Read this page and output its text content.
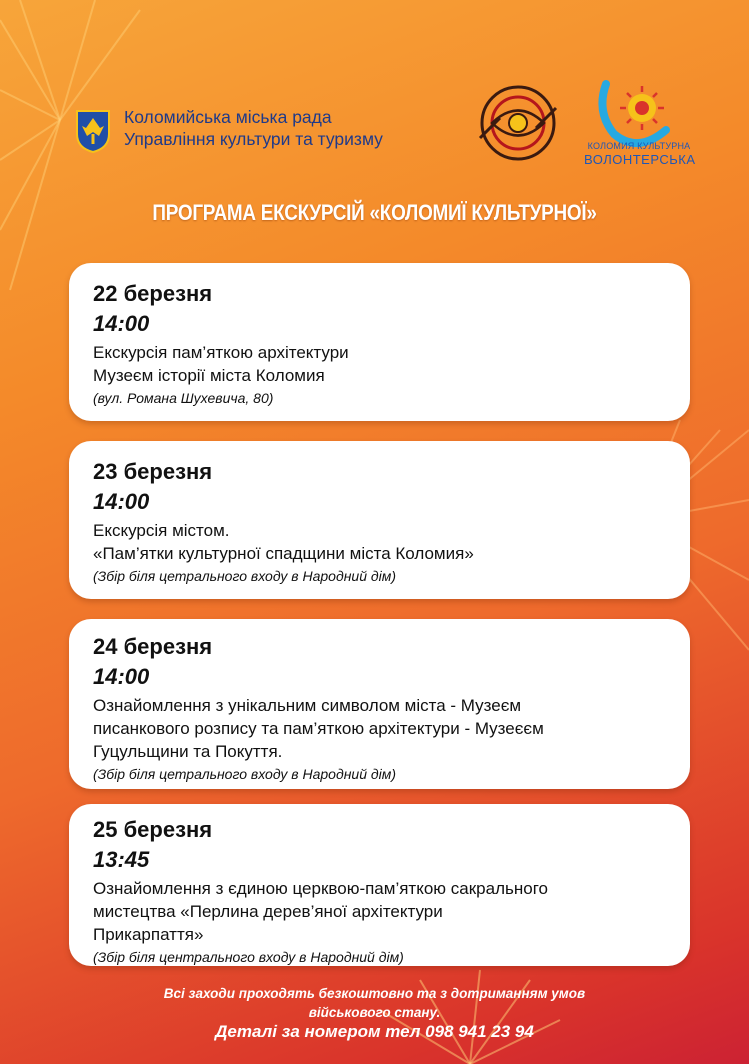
Коломийська міська рада
Управління культури та туризму	КОЛОМИЯ КУЛЬТУРНА
ВОЛОНТЕРСЬКА
ПРОГРАМА ЕКСКУРСІЙ «КОЛОМИЇ КУЛЬТУРНОЇ»
22 березня
14:00
Екскурсія пам’яткою архітектури
Музеєм історії міста Коломия
(вул. Романа Шухевича, 80)
23 березня
14:00
Екскурсія містом.
«Пам’ятки культурної спадщини міста Коломия»
(Збір біля цетрального входу в Народний дім)
24 березня
14:00
Ознайомлення з унікальним символом міста - Музеєм
писанкового розпису та пам’яткою архітектури - Музеєєм
Гуцульщини та Покуття.
(Збір біля цетрального входу в Народний дім)
25 березня
13:45
Ознайомлення з єдиною церквою-пам’яткою сакрального
мистецтва «Перлина дерев’яної архітектури
Прикарпаття»
(Збір біля центрального входу в Народний дім)
Всі заходи проходять безкоштовно та з дотриманням умов
військового стану.
Деталі за номером тел 098 941 23 94
